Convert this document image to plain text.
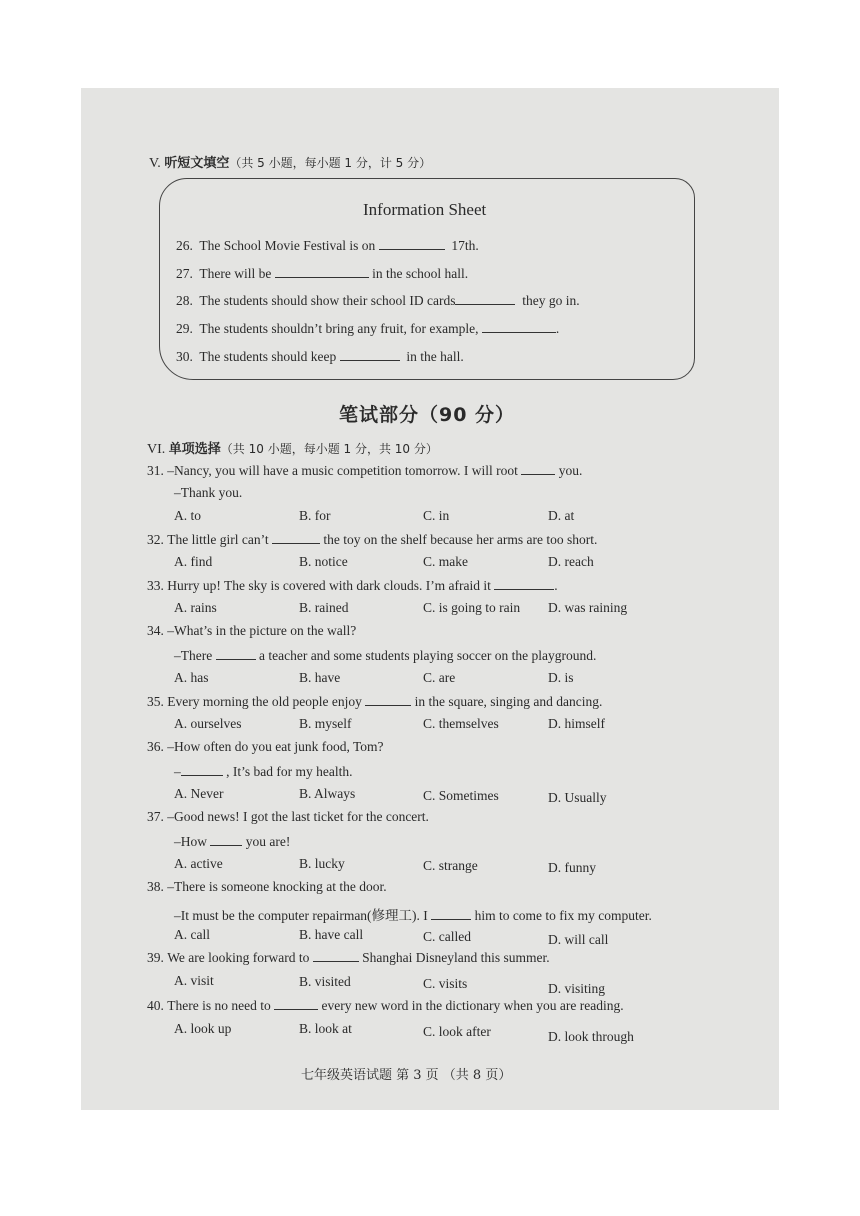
V. 听短文填空（共 5 小题，每小题 1 分，计 5 分）
Information Sheet
26. The School Movie Festival is on	17th.
27. There will be	in the school hall.
28. The students should show their school ID cards	they go in.
29. The students shouldn’t bring any fruit, for example,	.
30. The students should keep	in the hall.
笔试部分（90 分）
VI. 单项选择（共 10 小题，每小题 1 分，共 10 分）
31. –Nancy, you will have a music competition tomorrow. I will root	you.
–Thank you.
A. to	B. for	C. in	D. at
32. The little girl can’t	the toy on the shelf because her arms are too short.
A. find	B. notice	C. make	D. reach
33. Hurry up! The sky is covered with dark clouds. I’m afraid it	.
A. rains	B. rained	C. is going to rain D. was raining
34. –What’s in the picture on the wall?
–There	a teacher and some students playing soccer on the playground.
A. has	B. have	C. are	D. is
35. Every morning the old people enjoy	in the square, singing and dancing.
A. ourselves	B. myself	C. themselves	D. himself
36. –How often do you eat junk food, Tom?
–	, It’s bad for my health.
A. Never	B. Always	C. Sometimes	D. Usually
37. –Good news! I got the last ticket for the concert.
–How	you are!
A. active	B. lucky	C. strange	D. funny
38. –There is someone knocking at the door.
–It must be the computer repairman(修理工). I	him to come to fix my computer.
A. call	B. have call	C. called	D. will call
39. We are looking forward to	Shanghai Disneyland this summer.
A. visit	B. visited	C. visits	D. visiting
40. There is no need to	every new word in the dictionary when you are reading.
A. look up	B. look at	C. look after	D. look through
七年级英语试题 第 3 页 （共 8 页）
